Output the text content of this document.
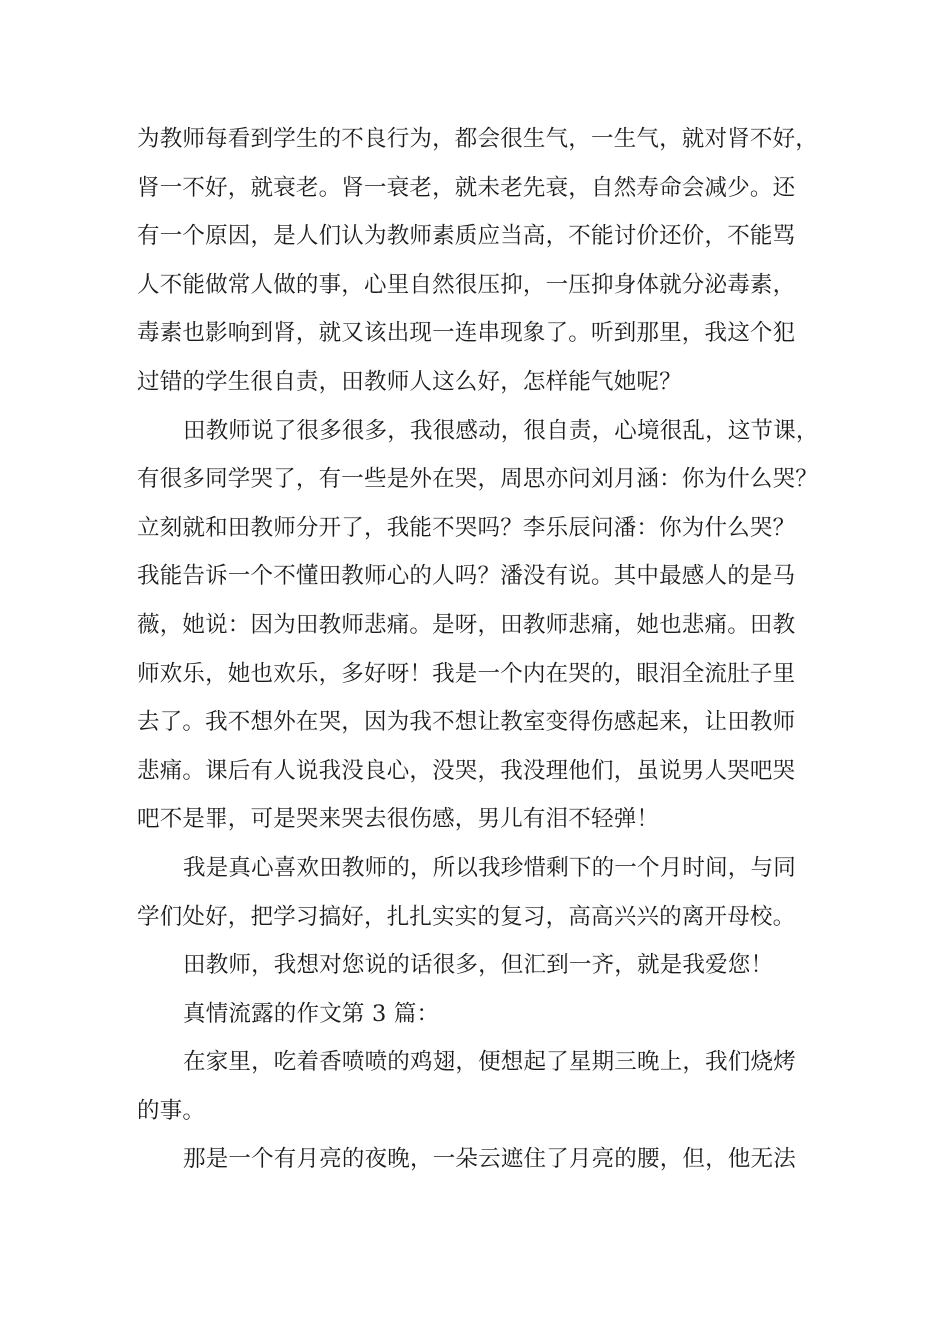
为教师每看到学生的不良行为，都会很生气，一生气，就对肾不好，
肾一不好，就衰老。肾一衰老，就未老先衰，自然寿命会减少。还
有一个原因，是人们认为教师素质应当高，不能讨价还价，不能骂
人不能做常人做的事，心里自然很压抑，一压抑身体就分泌毒素，
毒素也影响到肾，就又该出现一连串现象了。听到那里，我这个犯
过错的学生很自责，田教师人这么好，怎样能气她呢？
田教师说了很多很多，我很感动，很自责，心境很乱，这节课，
有很多同学哭了，有一些是外在哭，周思亦问刘月涵：你为什么哭？
立刻就和田教师分开了，我能不哭吗？李乐辰问潘：你为什么哭？
我能告诉一个不懂田教师心的人吗？潘没有说。其中最感人的是马
薇，她说：因为田教师悲痛。是呀，田教师悲痛，她也悲痛。田教
师欢乐，她也欢乐，多好呀！我是一个内在哭的，眼泪全流肚子里
去了。我不想外在哭，因为我不想让教室变得伤感起来，让田教师
悲痛。课后有人说我没良心，没哭，我没理他们，虽说男人哭吧哭
吧不是罪，可是哭来哭去很伤感，男儿有泪不轻弹！
我是真心喜欢田教师的，所以我珍惜剩下的一个月时间，与同
学们处好，把学习搞好，扎扎实实的复习，高高兴兴的离开母校。
田教师，我想对您说的话很多，但汇到一齐，就是我爱您！
真情流露的作文第 3 篇：
在家里，吃着香喷喷的鸡翅，便想起了星期三晚上，我们烧烤
的事。
那是一个有月亮的夜晚，一朵云遮住了月亮的腰，但，他无法
